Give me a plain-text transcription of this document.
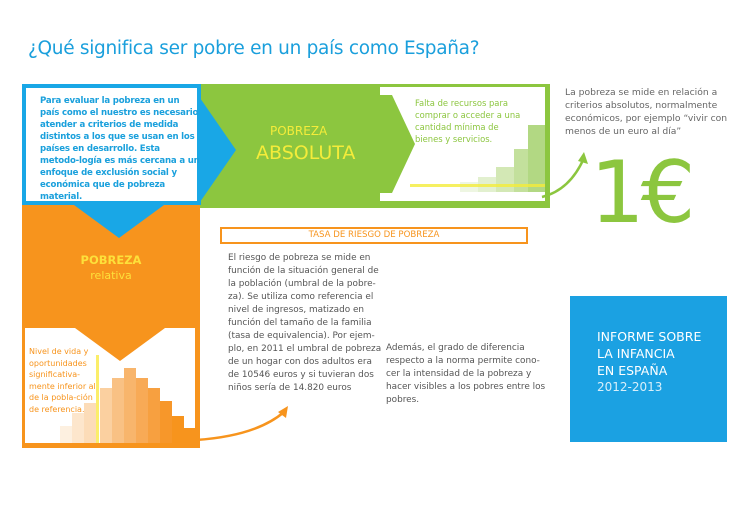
¿Qué significa ser pobre en un país como España?
POBREZA
ABSOLUTA
Falta de recursos para comprar o acceder a una cantidad mínima de bienes y servicios.
Para evaluar la pobreza en un país como el nuestro es necesario atender a criterios de medida distintos a los que se usan en los países en desarrollo. Esta metodo-logía es más cercana a un enfoque de exclusión social y económica que de pobreza material.
La pobreza se mide en relación a criterios absolutos, normalmente económicos, por ejemplo “vivir con menos de un euro al día”
1€
POBREZA
relativa
Nivel de vida y oportunidades significativa-mente inferior al de la pobla-ción de referencia.
TASA DE RIESGO DE POBREZA
El riesgo de pobreza se mide en función de la situación general de la población (umbral de la pobre-za). Se utiliza como referencia el nivel de ingresos, matizado en función del tamaño de la familia (tasa de equivalencia). Por ejem-plo, en 2011 el umbral de pobreza de un hogar con dos adultos era de 10546 euros y si tuvieran dos niños sería de 14.820 euros
Además, el grado de diferencia respecto a la norma permite cono-cer la intensidad de la pobreza y hacer visibles a los pobres entre los pobres.
INFORME SOBRE
LA INFANCIA
EN ESPAÑA
2012-2013
